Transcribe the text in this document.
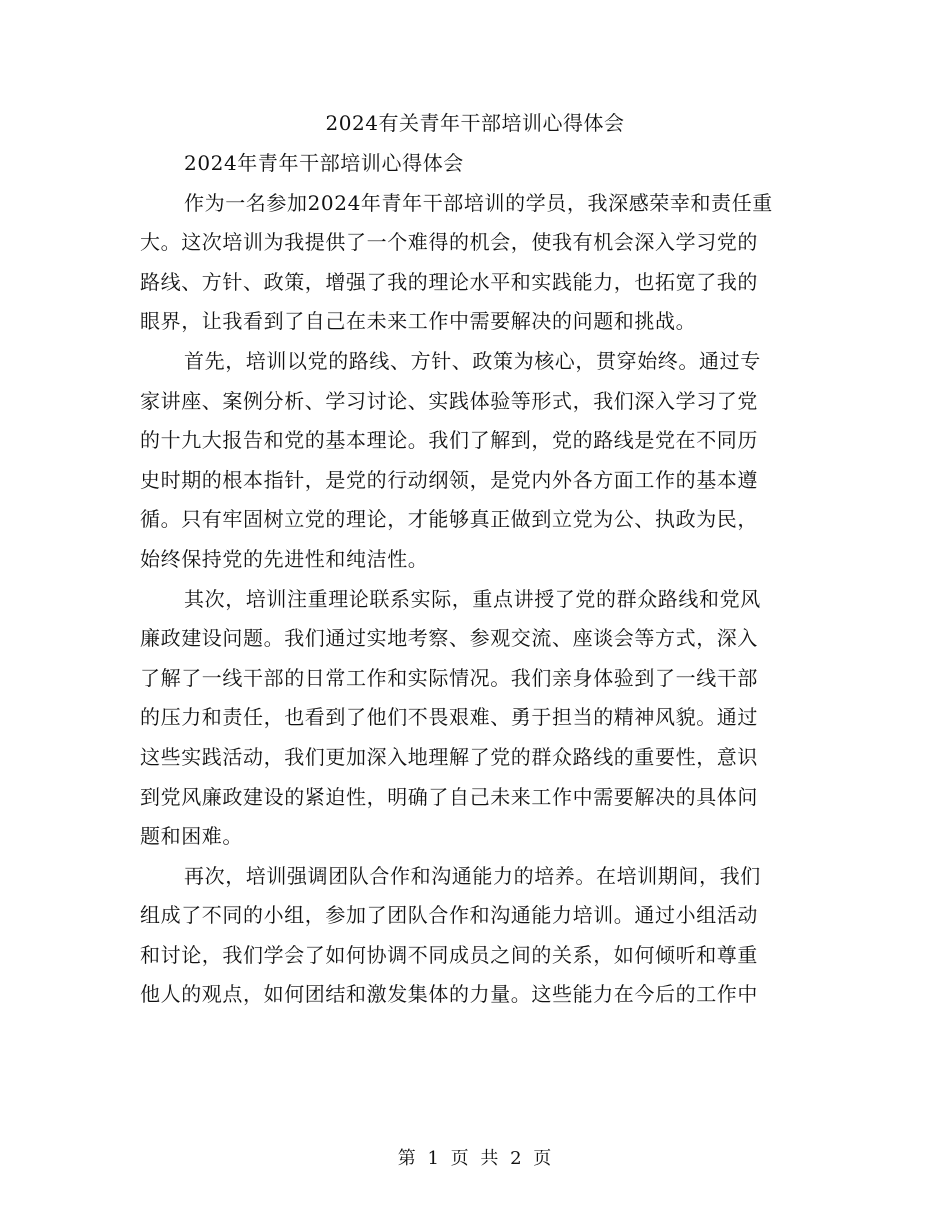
2024有关青年干部培训心得体会
2024年青年干部培训心得体会
作为一名参加2024年青年干部培训的学员，我深感荣幸和责任重
大。这次培训为我提供了一个难得的机会，使我有机会深入学习党的
路线、方针、政策，增强了我的理论水平和实践能力，也拓宽了我的
眼界，让我看到了自己在未来工作中需要解决的问题和挑战。
首先，培训以党的路线、方针、政策为核心，贯穿始终。通过专
家讲座、案例分析、学习讨论、实践体验等形式，我们深入学习了党
的十九大报告和党的基本理论。我们了解到，党的路线是党在不同历
史时期的根本指针，是党的行动纲领，是党内外各方面工作的基本遵
循。只有牢固树立党的理论，才能够真正做到立党为公、执政为民，
始终保持党的先进性和纯洁性。
其次，培训注重理论联系实际，重点讲授了党的群众路线和党风
廉政建设问题。我们通过实地考察、参观交流、座谈会等方式，深入
了解了一线干部的日常工作和实际情况。我们亲身体验到了一线干部
的压力和责任，也看到了他们不畏艰难、勇于担当的精神风貌。通过
这些实践活动，我们更加深入地理解了党的群众路线的重要性，意识
到党风廉政建设的紧迫性，明确了自己未来工作中需要解决的具体问
题和困难。
再次，培训强调团队合作和沟通能力的培养。在培训期间，我们
组成了不同的小组，参加了团队合作和沟通能力培训。通过小组活动
和讨论，我们学会了如何协调不同成员之间的关系，如何倾听和尊重
他人的观点，如何团结和激发集体的力量。这些能力在今后的工作中
第 1 页 共 2 页
